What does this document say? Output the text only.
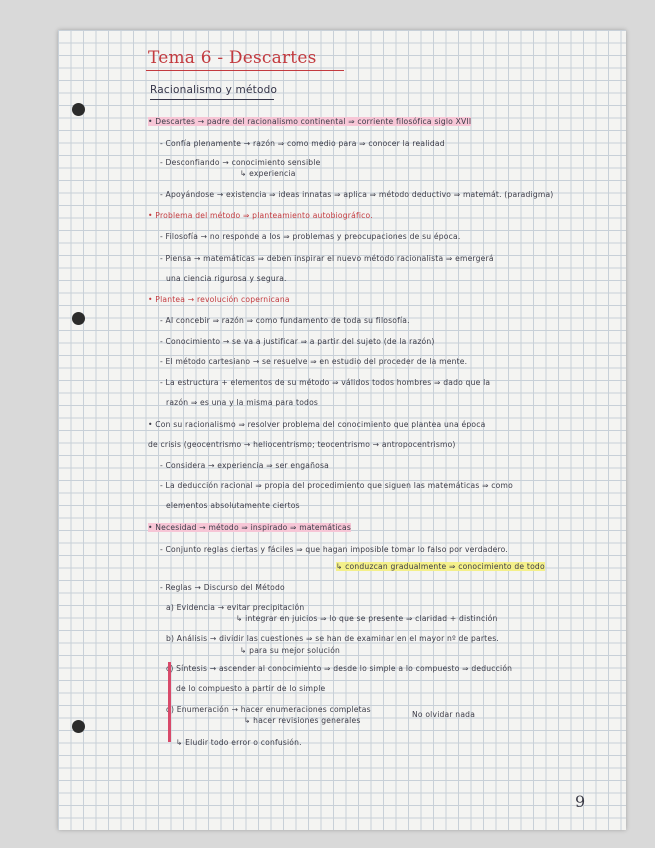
Tema 6 - Descartes
Racionalismo y método
• Descartes → padre del racionalismo continental ⇒ corriente filosófica siglo XVII
- Confía plenamente → razón ⇒ como medio para ⇒ conocer la realidad
- Desconfiando → conocimiento sensible
↳ experiencia
- Apoyándose → existencia ⇒ ideas innatas ⇒ aplica ⇒ método deductivo ⇒ matemát. (paradigma)
• Problema del método ⇒ planteamiento autobiográfico.
- Filosofía → no responde a los ⇒ problemas y preocupaciones de su época.
- Piensa → matemáticas ⇒ deben inspirar el nuevo método racionalista ⇒ emergerá
una ciencia rigurosa y segura.
• Plantea → revolución copernicana
- Al concebir ⇒ razón ⇒ como fundamento de toda su filosofía.
- Conocimiento → se va a justificar ⇒ a partir del sujeto (de la razón)
- El método cartesiano → se resuelve ⇒ en estudio del proceder de la mente.
- La estructura + elementos de su método ⇒ válidos todos hombres ⇒ dado que la
razón ⇒ es una y la misma para todos
• Con su racionalismo ⇒ resolver problema del conocimiento que plantea una época
de crisis (geocentrismo → heliocentrismo; teocentrismo → antropocentrismo)
- Considera → experiencia ⇒ ser engañosa
- La deducción racional ⇒ propia del procedimiento que siguen las matemáticas ⇒ como
elementos absolutamente ciertos
• Necesidad → método ⇒ inspirado ⇒ matemáticas
- Conjunto reglas ciertas y fáciles ⇒ que hagan imposible tomar lo falso por verdadero.
↳ conduzcan gradualmente ⇒ conocimiento de todo
- Reglas → Discurso del Método
a) Evidencia → evitar precipitación
↳ integrar en juicios ⇒ lo que se presente ⇒ claridad + distinción
b) Análisis → dividir las cuestiones ⇒ se han de examinar en el mayor nº de partes.
↳ para su mejor solución
c) Síntesis → ascender al conocimiento ⇒ desde lo simple a lo compuesto ⇒ deducción
de lo compuesto a partir de lo simple
d) Enumeración → hacer enumeraciones completas
↳ hacer revisiones generales
No olvidar nada
↳ Eludir todo error o confusión.
9
